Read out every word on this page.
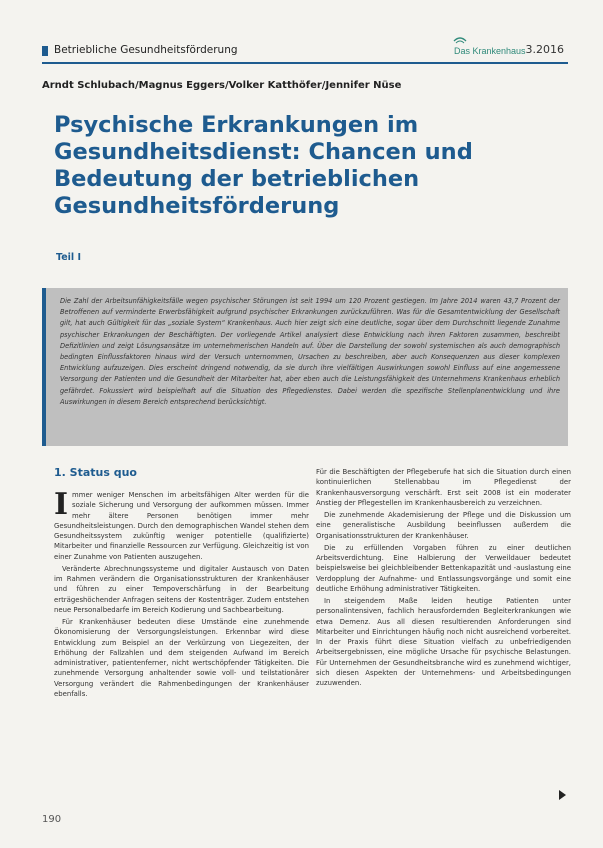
Betriebliche Gesundheitsförderung	Das Krankenhaus 3.2016
Arndt Schlubach/Magnus Eggers/Volker Katthöfer/Jennifer Nüse
Psychische Erkrankungen im Gesundheitsdienst: Chancen und Bedeutung der betrieblichen Gesundheitsförderung
Teil I
Die Zahl der Arbeitsunfähigkeitsfälle wegen psychischer Störungen ist seit 1994 um 120 Prozent gestiegen. Im Jahre 2014 waren 43,7 Prozent der Betroffenen auf verminderte Erwerbsfähigkeit aufgrund psychischer Erkrankungen zurückzuführen. Was für die Gesamtentwicklung der Gesellschaft gilt, hat auch Gültigkeit für das „soziale System“ Krankenhaus. Auch hier zeigt sich eine deutliche, sogar über dem Durchschnitt liegende Zunahme psychischer Erkrankungen der Beschäftigten. Der vorliegende Artikel analysiert diese Entwicklung nach ihren Faktoren zusammen, beschreibt Defizitlinien und zeigt Lösungsansätze im unternehmerischen Handeln auf. Über die Darstellung der sowohl systemischen als auch demographisch bedingten Einflussfaktoren hinaus wird der Versuch unternommen, Ursachen zu beschreiben, aber auch Konsequenzen aus dieser komplexen Entwicklung aufzuzeigen. Dies erscheint dringend notwendig, da sie durch ihre vielfältigen Auswirkungen sowohl Einfluss auf eine angemessene Versorgung der Patienten und die Gesundheit der Mitarbeiter hat, aber eben auch die Leistungsfähigkeit des Unternehmens Krankenhaus erheblich gefährdet. Fokussiert wird beispielhaft auf die Situation des Pflegedienstes. Dabei werden die spezifische Stellenplanentwicklung und ihre Auswirkungen in diesem Bereich entsprechend berücksichtigt.
1. Status quo

Immer weniger Menschen im arbeitsfähigen Alter werden für die soziale Sicherung und Versorgung der aufkommen müssen. Immer mehr ältere Personen benötigen immer mehr Gesundheitsleistungen. Durch den demographischen Wandel stehen dem Gesundheitssystem zukünftig weniger potentielle (qualifizierte) Mitarbeiter und finanzielle Ressourcen zur Verfügung. Gleichzeitig ist von einer Zunahme von Patienten auszugehen.

Veränderte Abrechnungssysteme und digitaler Austausch von Daten im Rahmen verändern die Organisationsstrukturen der Krankenhäuser und führen zu einer Tempoverschärfung in der Bearbeitung erträgeshöchender Anfragen seitens der Kostenträger. Zudem entstehen neue Personalbedarfe im Bereich Kodierung und Sachbearbeitung.

Für Krankenhäuser bedeuten diese Umstände eine zunehmende Ökonomisierung der Versorgungsleistungen. Erkennbar wird diese Entwicklung zum Beispiel an der Verkürzung von Liegezeiten, der Erhöhung der Fallzahlen und dem steigenden Aufwand im Bereich administrativer, patientenferner, nicht wertschöpfender Tätigkeiten. Die zunehmende Versorgung anhaltender sowie voll- und teilstationärer Versorgung verändert die Rahmenbedingungen der Krankenhäuser ebenfalls.

Für die Beschäftigten der Pflegeberufe hat sich die Situation durch einen kontinuierlichen Stellenabbau im Pflegedienst der Krankenhausversorgung verschärft. Erst seit 2008 ist ein moderater Anstieg der Pflegestellen im Krankenhausbereich zu verzeichnen.

Die zunehmende Akademisierung der Pflege und die Diskussion um eine generalistische Ausbildung beeinflussen außerdem die Organisationsstrukturen der Krankenhäuser.

Die zu erfüllenden Vorgaben führen zu einer deutlichen Arbeitsverdichtung. Eine Halbierung der Verweildauer bedeutet beispielsweise bei gleichbleibender Bettenkapazität und -auslastung eine Verdopplung der Aufnahme- und Entlassungsvorgänge und somit eine deutliche Erhöhung administrativer Tätigkeiten.

In steigendem Maße leiden heutige Patienten unter personalintensiven, fachlich herausfordernden Begleiterkrankungen wie etwa Demenz. Aus all diesen resultierenden Anforderungen sind Mitarbeiter und Einrichtungen häufig noch nicht ausreichend vorbereitet. In der Praxis führt diese Situation vielfach zu unbefriedigenden Arbeitsergebnissen, eine mögliche Ursache für psychische Belastungen. Für Unternehmen der Gesundheitsbranche wird es zunehmend wichtiger, sich diesen Aspekten der Unternehmens- und Arbeitsbedingungen zuzuwenden.

190
